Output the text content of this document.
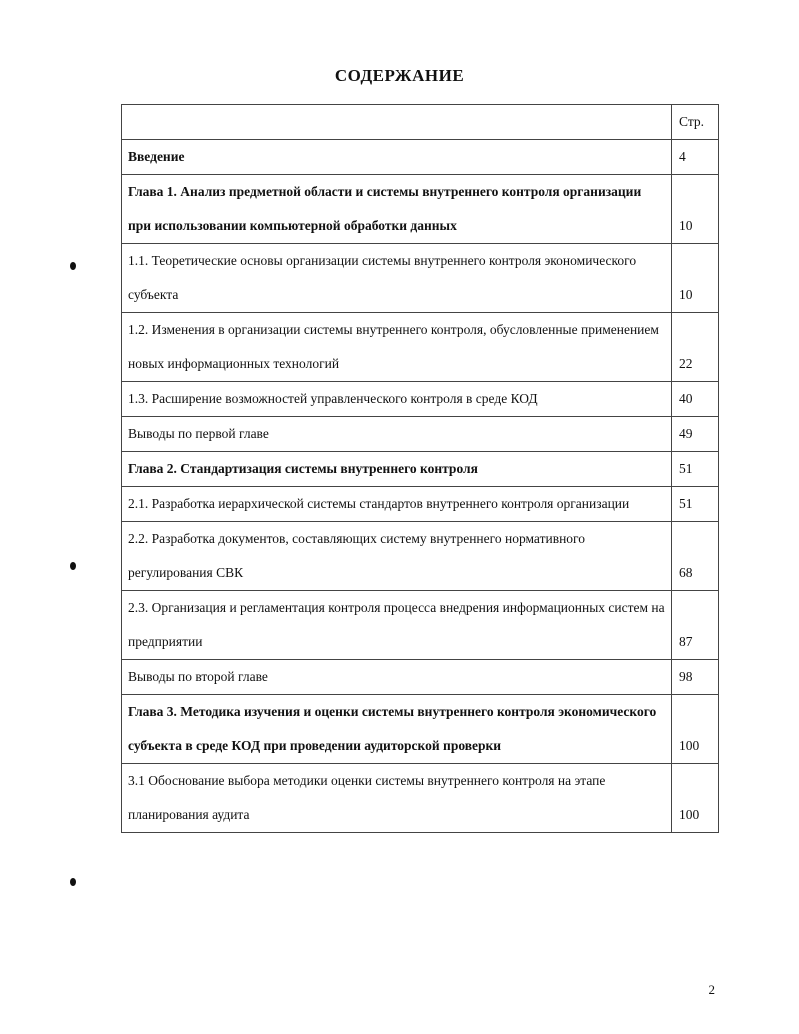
СОДЕРЖАНИЕ
	Стр.
Введение	4
Глава 1. Анализ предметной области и системы внутреннего контроля организации при использовании компьютерной обработки данных	10
1.1. Теоретические основы организации системы внутреннего контроля экономического субъекта	10
1.2. Изменения в организации системы внутреннего контроля, обусловленные применением новых информационных технологий	22
1.3. Расширение возможностей управленческого контроля в среде КОД	40
Выводы по первой главе	49
Глава 2. Стандартизация системы внутреннего контроля	51
2.1. Разработка иерархической системы стандартов внутреннего контроля организации	51
2.2. Разработка документов, составляющих систему внутреннего нормативного регулирования СВК	68
2.3. Организация и регламентация контроля процесса внедрения информационных систем на предприятии	87
Выводы по второй главе	98
Глава 3. Методика изучения и оценки системы внутреннего контроля экономического субъекта в среде КОД при проведении аудиторской проверки	100
3.1 Обоснование выбора методики оценки системы внутреннего контроля на этапе планирования аудита	100
2
